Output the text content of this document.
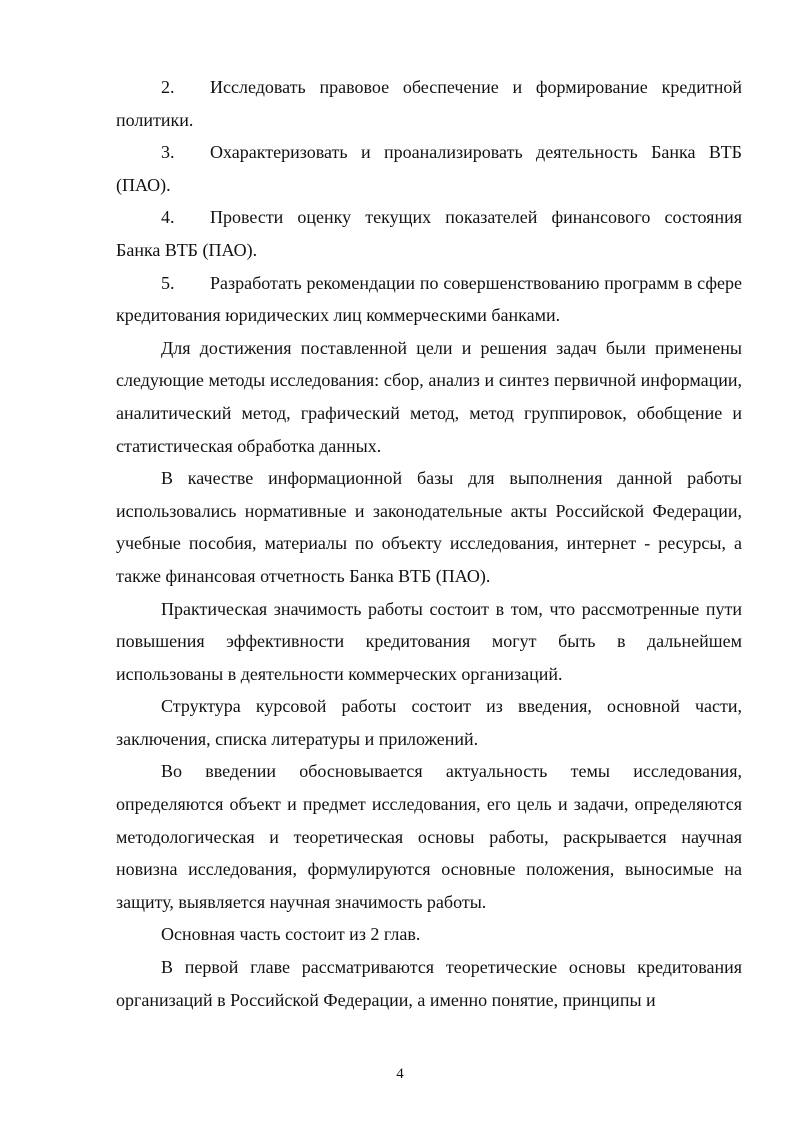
2. Исследовать правовое обеспечение и формирование кредитной политики.

3. Охарактеризовать и проанализировать деятельность Банка ВТБ (ПАО).

4. Провести оценку текущих показателей финансового состояния Банка ВТБ (ПАО).

5. Разработать рекомендации по совершенствованию программ в сфере кредитования юридических лиц коммерческими банками.

Для достижения поставленной цели и решения задач были применены следующие методы исследования: сбор, анализ и синтез первичной информации, аналитический метод, графический метод, метод группировок, обобщение и статистическая обработка данных.

В качестве информационной базы для выполнения данной работы использовались нормативные и законодательные акты Российской Федерации, учебные пособия, материалы по объекту исследования, интернет - ресурсы, а также финансовая отчетность Банка ВТБ (ПАО).

Практическая значимость работы состоит в том, что рассмотренные пути повышения эффективности кредитования могут быть в дальнейшем использованы в деятельности коммерческих организаций.

Структура курсовой работы состоит из введения, основной части, заключения, списка литературы и приложений.

Во введении обосновывается актуальность темы исследования, определяются объект и предмет исследования, его цель и задачи, определяются методологическая и теоретическая основы работы, раскрывается научная новизна исследования, формулируются основные положения, выносимые на защиту, выявляется научная значимость работы.

Основная часть состоит из 2 глав.

В первой главе рассматриваются теоретические основы кредитования организаций в Российской Федерации, а именно понятие, принципы и

4
